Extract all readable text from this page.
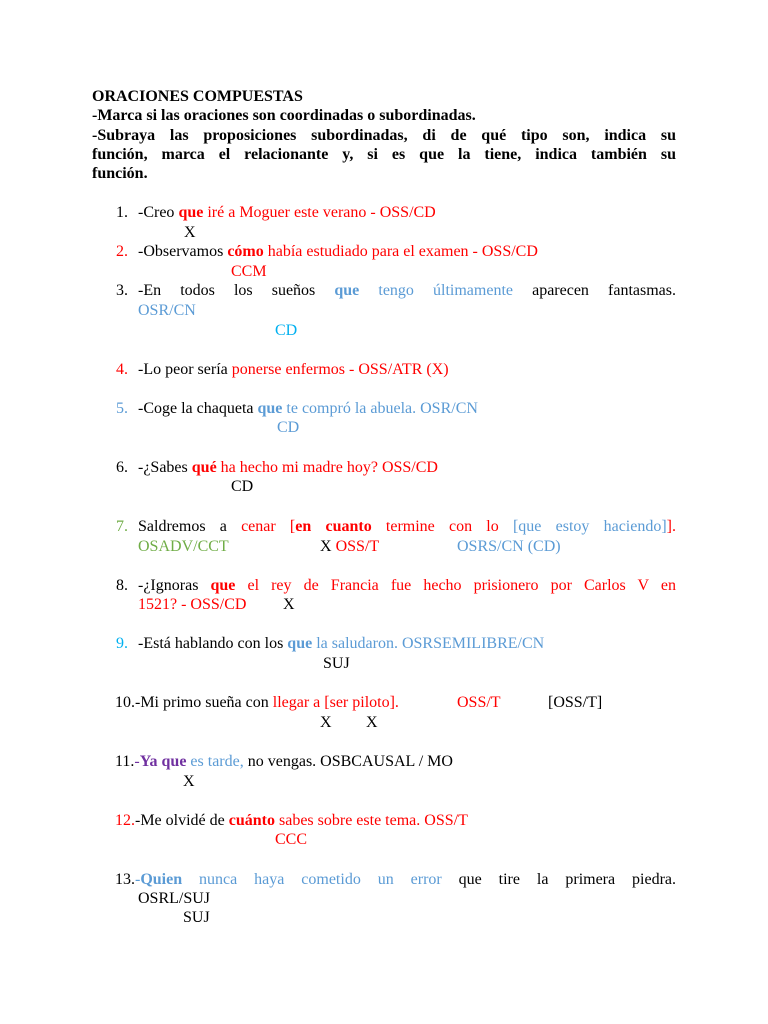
ORACIONES COMPUESTAS
-Marca si las oraciones son coordinadas o subordinadas.
-Subraya las proposiciones subordinadas, di de qué tipo son, indica su
función, marca el relacionante y, si es que la tiene, indica también su
función.
1. -Creo que iré a Moguer este verano - OSS/CD
X
2. -Observamos cómo había estudiado para el examen - OSS/CD
CCM
3. -En todos los sueños que tengo últimamente aparecen fantasmas.
OSR/CN
CD
4. -Lo peor sería ponerse enfermos - OSS/ATR (X)
5. -Coge la chaqueta que te compró la abuela. OSR/CN
CD
6. -¿Sabes qué ha hecho mi madre hoy? OSS/CD
CD
7. Saldremos a cenar [en cuanto termine con lo [que estoy haciendo]].
OSADV/CCT	X OSS/T	OSRS/CN (CD)
8. -¿Ignoras que el rey de Francia fue hecho prisionero por Carlos V en
1521? - OSS/CD X
9. -Está hablando con los que la saludaron. OSRSEMILIBRE/CN
SUJ
10.-Mi primo sueña con llegar a [ser piloto].	OSS/T	[OSS/T]
X X
11.-Ya que es tarde, no vengas. OSBCAUSAL / MO
X
12.-Me olvidé de cuánto sabes sobre este tema. OSS/T
CCC
13.-Quien nunca haya cometido un error que tire la primera piedra.
OSRL/SUJ
SUJ
